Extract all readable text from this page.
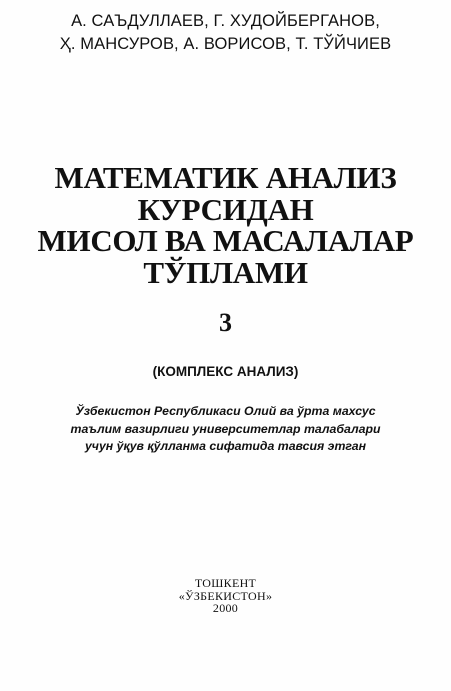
А. САЪДУЛЛАЕВ, Г. ХУДОЙБЕРГАНОВ,
Ҳ. МАНСУРОВ, А. ВОРИСОВ, Т. ТЎЙЧИЕВ
МАТЕМАТИК АНАЛИЗ
КУРСИДАН
МИСОЛ ВА МАСАЛАЛАР
ТЎПЛАМИ
3
(КОМПЛЕКС АНАЛИЗ)
Ўзбекистон Республикаси Олий ва ўрта махсус
таълим вазирлиги университетлар талабалари
учун ўқув қўлланма сифатида тавсия этган
ТОШКЕНТ
«ЎЗБЕКИСТОН»
2000
